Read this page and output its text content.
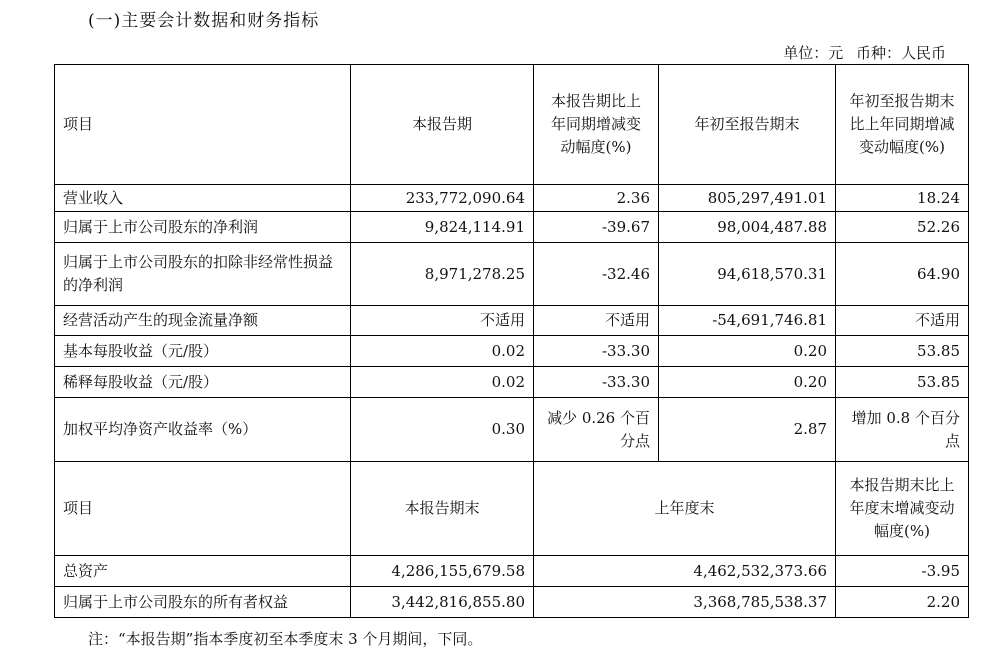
(一)主要会计数据和财务指标
单位：元 币种：人民币
项目	本报告期	本报告期比上年同期增减变动幅度(%)	年初至报告期末	年初至报告期末比上年同期增减变动幅度(%)
营业收入	233,772,090.64	2.36	805,297,491.01	18.24
归属于上市公司股东的净利润	9,824,114.91	-39.67	98,004,487.88	52.26
归属于上市公司股东的扣除非经常性损益的净利润	8,971,278.25	-32.46	94,618,570.31	64.90
经营活动产生的现金流量净额	不适用	不适用	-54,691,746.81	不适用
基本每股收益（元/股）	0.02	-33.30	0.20	53.85
稀释每股收益（元/股）	0.02	-33.30	0.20	53.85
加权平均净资产收益率（%）	0.30	减少 0.26 个百分点	2.87	增加 0.8 个百分点
项目	本报告期末	上年度末		本报告期末比上年度末增减变动幅度(%)
总资产	4,286,155,679.58	4,462,532,373.66		-3.95
归属于上市公司股东的所有者权益	3,442,816,855.80	3,368,785,538.37		2.20
注：“本报告期”指本季度初至本季度末 3 个月期间，下同。
